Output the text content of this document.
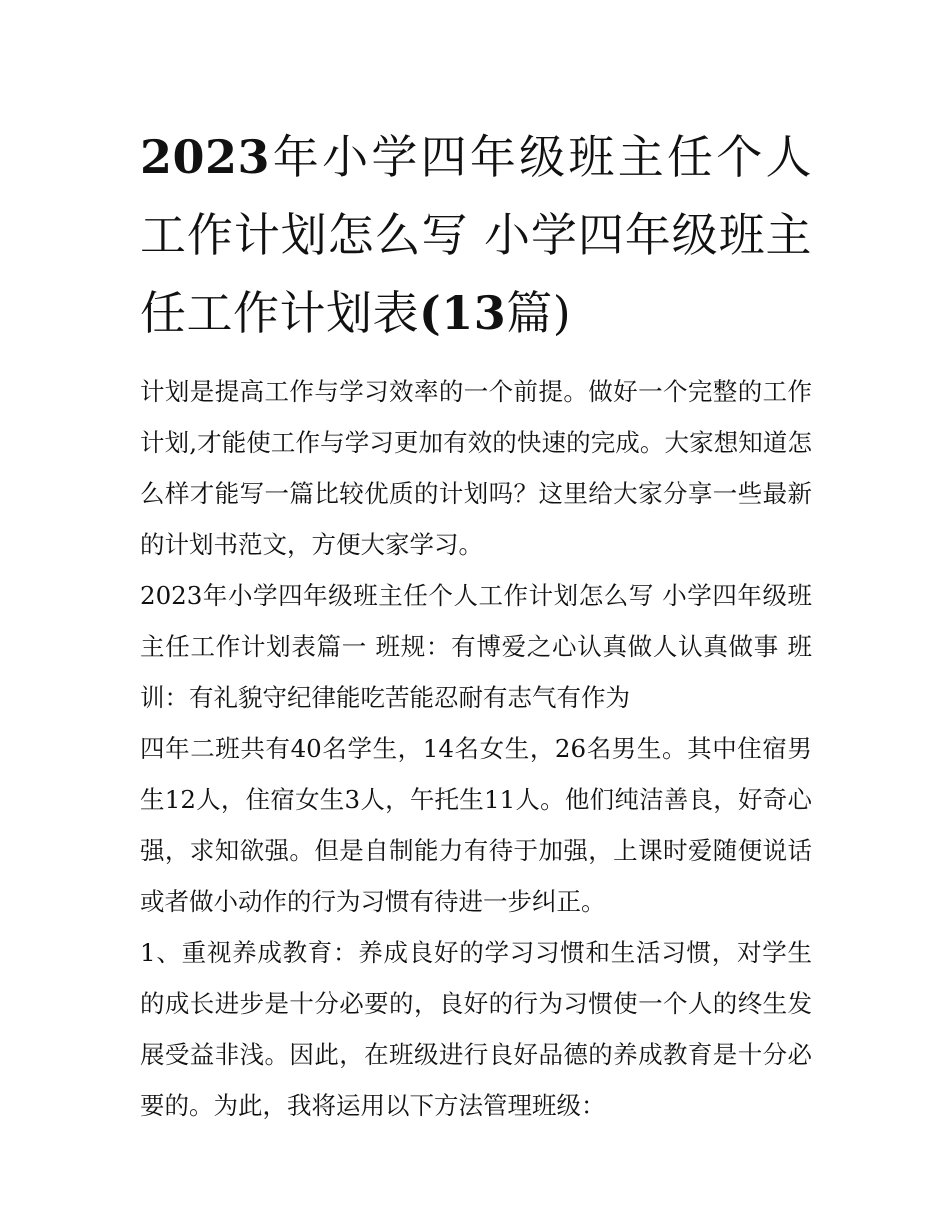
2023年小学四年级班主任个人工作计划怎么写 小学四年级班主任工作计划表(13篇)

计划是提高工作与学习效率的一个前提。做好一个完整的工作计划,才能使工作与学习更加有效的快速的完成。大家想知道怎么样才能写一篇比较优质的计划吗？这里给大家分享一些最新的计划书范文，方便大家学习。

2023年小学四年级班主任个人工作计划怎么写 小学四年级班主任工作计划表篇一 班规：有博爱之心认真做人认真做事 班训：有礼貌守纪律能吃苦能忍耐有志气有作为

四年二班共有40名学生，14名女生，26名男生。其中住宿男生12人，住宿女生3人，午托生11人。他们纯洁善良，好奇心强，求知欲强。但是自制能力有待于加强，上课时爱随便说话或者做小动作的行为习惯有待进一步纠正。

1、重视养成教育：养成良好的学习习惯和生活习惯，对学生的成长进步是十分必要的，良好的行为习惯使一个人的终生发展受益非浅。因此，在班级进行良好品德的养成教育是十分必要的。为此，我将运用以下方法管理班级：
